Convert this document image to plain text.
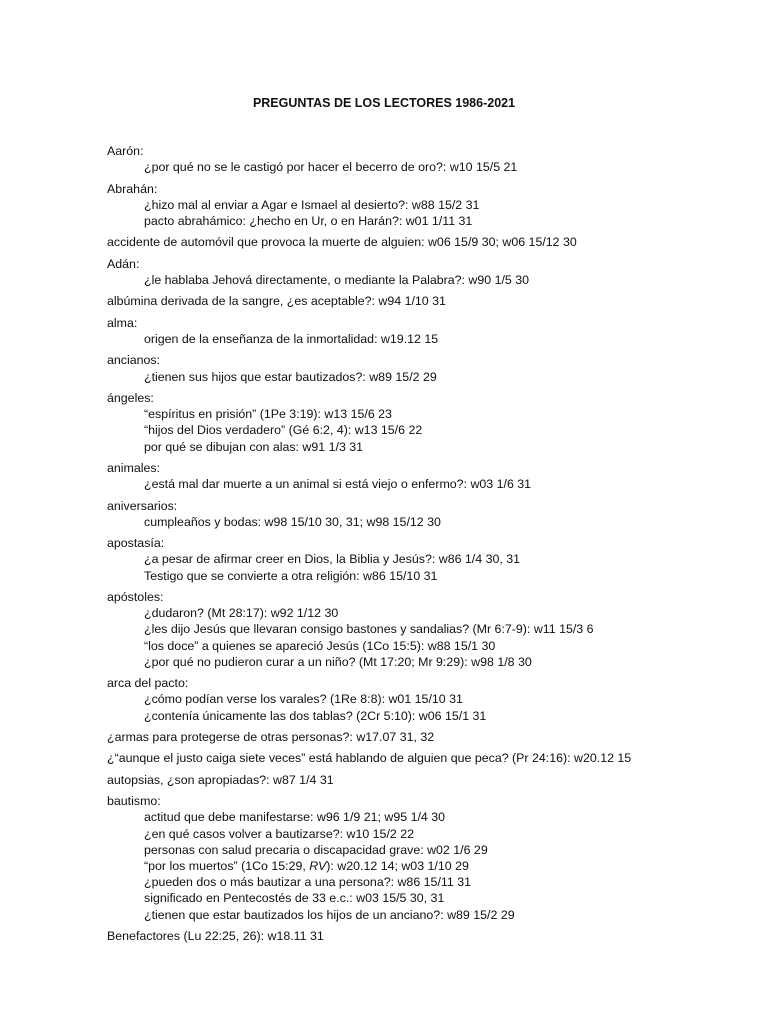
PREGUNTAS DE LOS LECTORES 1986-2021
Aarón:
¿por qué no se le castigó por hacer el becerro de oro?: w10 15/5 21
Abrahán:
¿hizo mal al enviar a Agar e Ismael al desierto?: w88 15/2 31
pacto abrahámico: ¿hecho en Ur, o en Harán?: w01 1/11 31
accidente de automóvil que provoca la muerte de alguien: w06 15/9 30; w06 15/12 30
Adán:
¿le hablaba Jehová directamente, o mediante la Palabra?: w90 1/5 30
albúmina derivada de la sangre, ¿es aceptable?: w94 1/10 31
alma:
origen de la enseñanza de la inmortalidad: w19.12 15
ancianos:
¿tienen sus hijos que estar bautizados?: w89 15/2 29
ángeles:
“espíritus en prisión” (1Pe 3:19): w13 15/6 23
“hijos del Dios verdadero” (Gé 6:2, 4): w13 15/6 22
por qué se dibujan con alas: w91 1/3 31
animales:
¿está mal dar muerte a un animal si está viejo o enfermo?: w03 1/6 31
aniversarios:
cumpleaños y bodas: w98 15/10 30, 31; w98 15/12 30
apostasía:
¿a pesar de afirmar creer en Dios, la Biblia y Jesús?: w86 1/4 30, 31
Testigo que se convierte a otra religión: w86 15/10 31
apóstoles:
¿dudaron? (Mt 28:17): w92 1/12 30
¿les dijo Jesús que llevaran consigo bastones y sandalias? (Mr 6:7-9): w11 15/3 6
“los doce” a quienes se apareció Jesús (1Co 15:5): w88 15/1 30
¿por qué no pudieron curar a un niño? (Mt 17:20; Mr 9:29): w98 1/8 30
arca del pacto:
¿cómo podían verse los varales? (1Re 8:8): w01 15/10 31
¿contenía únicamente las dos tablas? (2Cr 5:10): w06 15/1 31
¿armas para protegerse de otras personas?: w17.07 31, 32
¿“aunque el justo caiga siete veces” está hablando de alguien que peca? (Pr 24:16): w20.12 15
autopsias, ¿son apropiadas?: w87 1/4 31
bautismo:
actitud que debe manifestarse: w96 1/9 21; w95 1/4 30
¿en qué casos volver a bautizarse?: w10 15/2 22
personas con salud precaria o discapacidad grave: w02 1/6 29
“por los muertos” (1Co 15:29, RV): w20.12 14; w03 1/10 29
¿pueden dos o más bautizar a una persona?: w86 15/11 31
significado en Pentecostés de 33 e.c.: w03 15/5 30, 31
¿tienen que estar bautizados los hijos de un anciano?: w89 15/2 29
Benefactores (Lu 22:25, 26): w18.11 31
